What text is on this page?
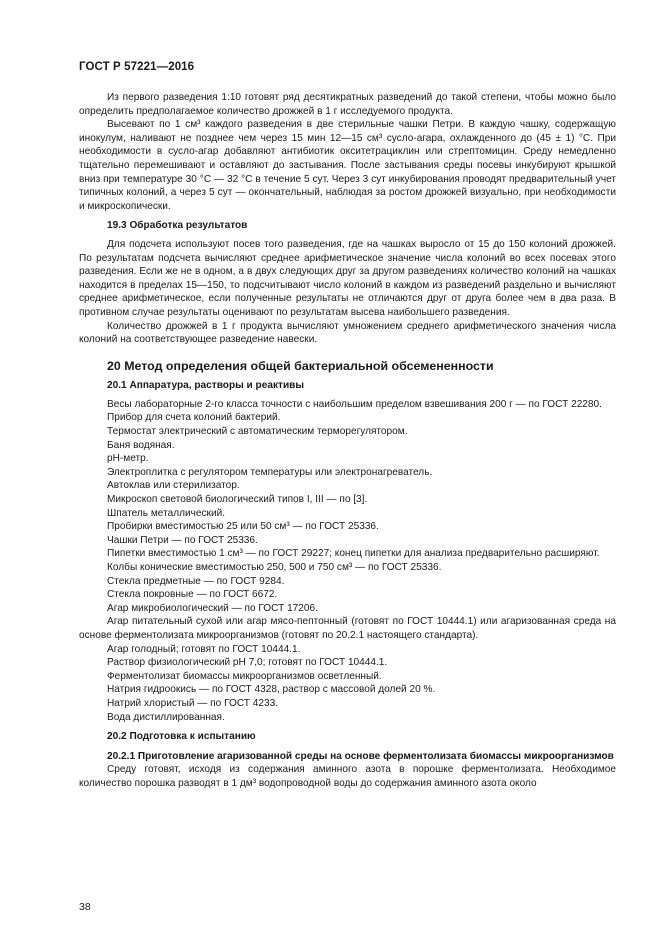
ГОСТ Р 57221—2016

Из первого разведения 1:10 готовят ряд десятикратных разведений до такой степени, чтобы можно было определить предполагаемое количество дрожжей в 1 г исследуемого продукта.

Высевают по 1 см³ каждого разведения в две стерильные чашки Петри. В каждую чашку, содержащую инокулум, наливают не позднее чем через 15 мин 12—15 см³ сусло-агара, охлажденного до (45 ± 1) °С. При необходимости в сусло-агар добавляют антибиотик окситетрациклин или стрептомицин. Среду немедленно тщательно перемешивают и оставляют до застывания. После застывания среды посевы инкубируют крышкой вниз при температуре 30 °С — 32 °С в течение 5 сут. Через 3 сут инкубирования проводят предварительный учет типичных колоний, а через 5 сут — окончательный, наблюдая за ростом дрожжей визуально, при необходимости и микроскопически.

19.3 Обработка результатов

Для подсчета используют посев того разведения, где на чашках выросло от 15 до 150 колоний дрожжей. По результатам подсчета вычисляют среднее арифметическое значение числа колоний во всех посевах этого разведения. Если же не в одном, а в двух следующих друг за другом разведениях количество колоний на чашках находится в пределах 15—150, то подсчитывают число колоний в каждом из разведений раздельно и вычисляют среднее арифметическое, если полученные результаты не отличаются друг от друга более чем в два раза. В противном случае результаты оценивают по результатам высева наибольшего разведения.

Количество дрожжей в 1 г продукта вычисляют умножением среднего арифметического значения числа колоний на соответствующее разведение навески.

20 Метод определения общей бактериальной обсемененности

20.1 Аппаратура, растворы и реактивы

Весы лабораторные 2-го класса точности с наибольшим пределом взвешивания 200 г — по ГОСТ 22280.

Прибор для счета колоний бактерий.

Термостат электрический с автоматическим терморегулятором.

Баня водяная.

рН-метр.

Электроплитка с регулятором температуры или электронагреватель.

Автоклав или стерилизатор.

Микроскоп световой биологический типов I, III — по [3].

Шпатель металлический.

Пробирки вместимостью 25 или 50 см³ — по ГОСТ 25336.

Чашки Петри — по ГОСТ 25336.

Пипетки вместимостью 1 см³ — по ГОСТ 29227; конец пипетки для анализа предварительно расширяют.

Колбы конические вместимостью 250, 500 и 750 см³ — по ГОСТ 25336.

Стекла предметные — по ГОСТ 9284.

Стекла покровные — по ГОСТ 6672.

Агар микробиологический — по ГОСТ 17206.

Агар питательный сухой или агар мясо-пептонный (готовят по ГОСТ 10444.1) или агаризованная среда на основе ферментолизата микроорганизмов (готовят по 20.2.1 настоящего стандарта).

Агар голодный; готовят по ГОСТ 10444.1.

Раствор физиологический рН 7,0; готовят по ГОСТ 10444.1.

Ферментолизат биомассы микроорганизмов осветленный.

Натрия гидроокись — по ГОСТ 4328, раствор с массовой долей 20 %.

Натрий хлористый — по ГОСТ 4233.

Вода дистиллированная.

20.2 Подготовка к испытанию

20.2.1 Приготовление агаризованной среды на основе ферментолизата биомассы микроорганизмов

Среду готовят, исходя из содержания аминного азота в порошке ферментолизата. Необходимое количество порошка разводят в 1 дм³ водопроводной воды до содержания аминного азота около

38
